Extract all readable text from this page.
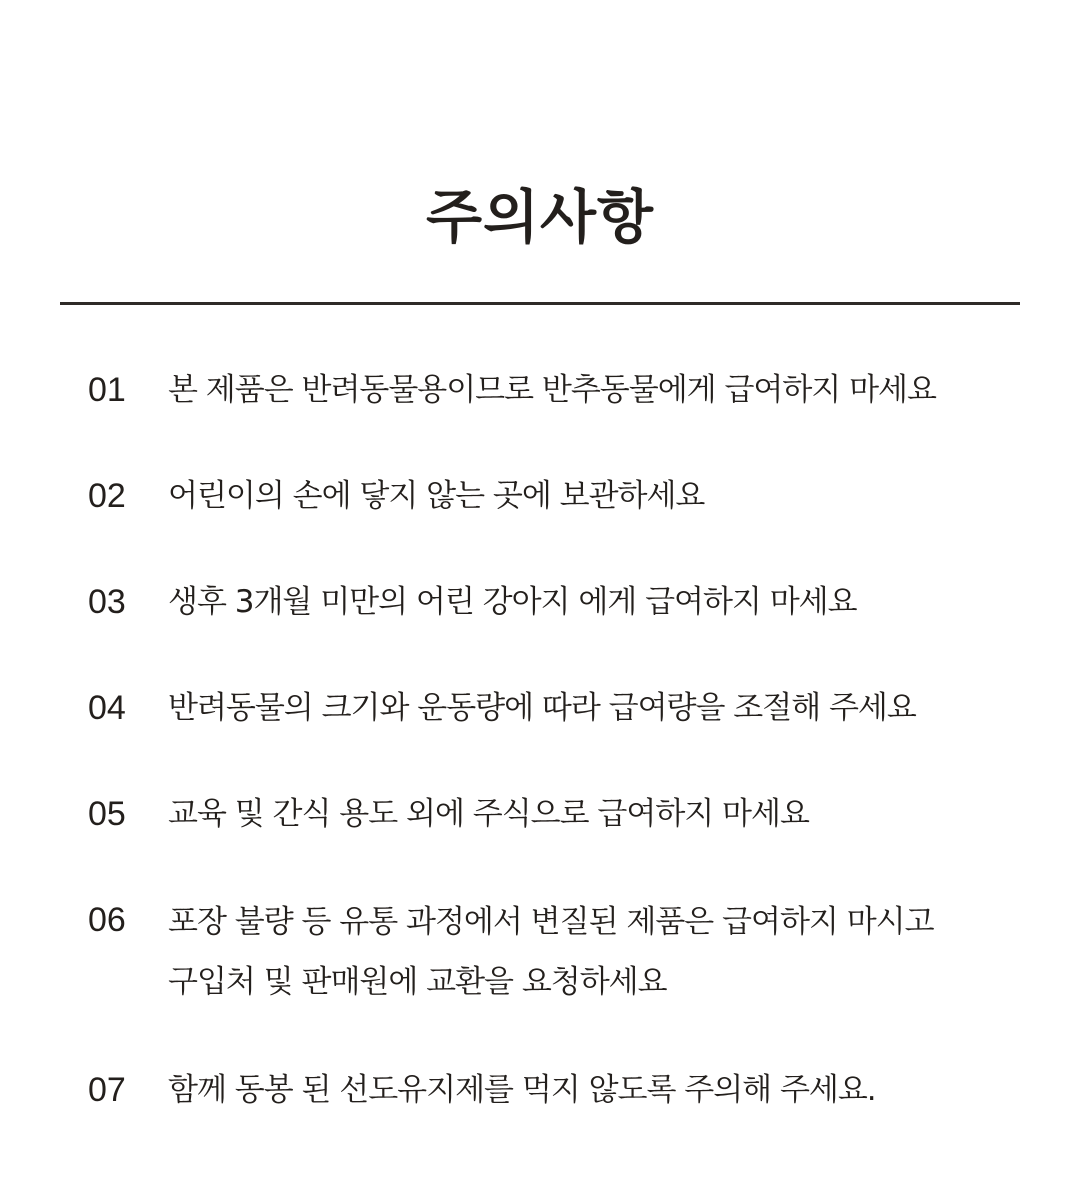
주의사항
01	본 제품은 반려동물용이므로 반추동물에게 급여하지 마세요
02	어린이의 손에 닿지 않는 곳에 보관하세요
03	생후 3개월 미만의 어린 강아지 에게 급여하지 마세요
04	반려동물의 크기와 운동량에 따라 급여량을 조절해 주세요
05	교육 및 간식 용도 외에 주식으로 급여하지 마세요
06	포장 불량 등 유통 과정에서 변질된 제품은 급여하지 마시고
구입처 및 판매원에 교환을 요청하세요
07	함께 동봉 된 선도유지제를 먹지 않도록 주의해 주세요.
